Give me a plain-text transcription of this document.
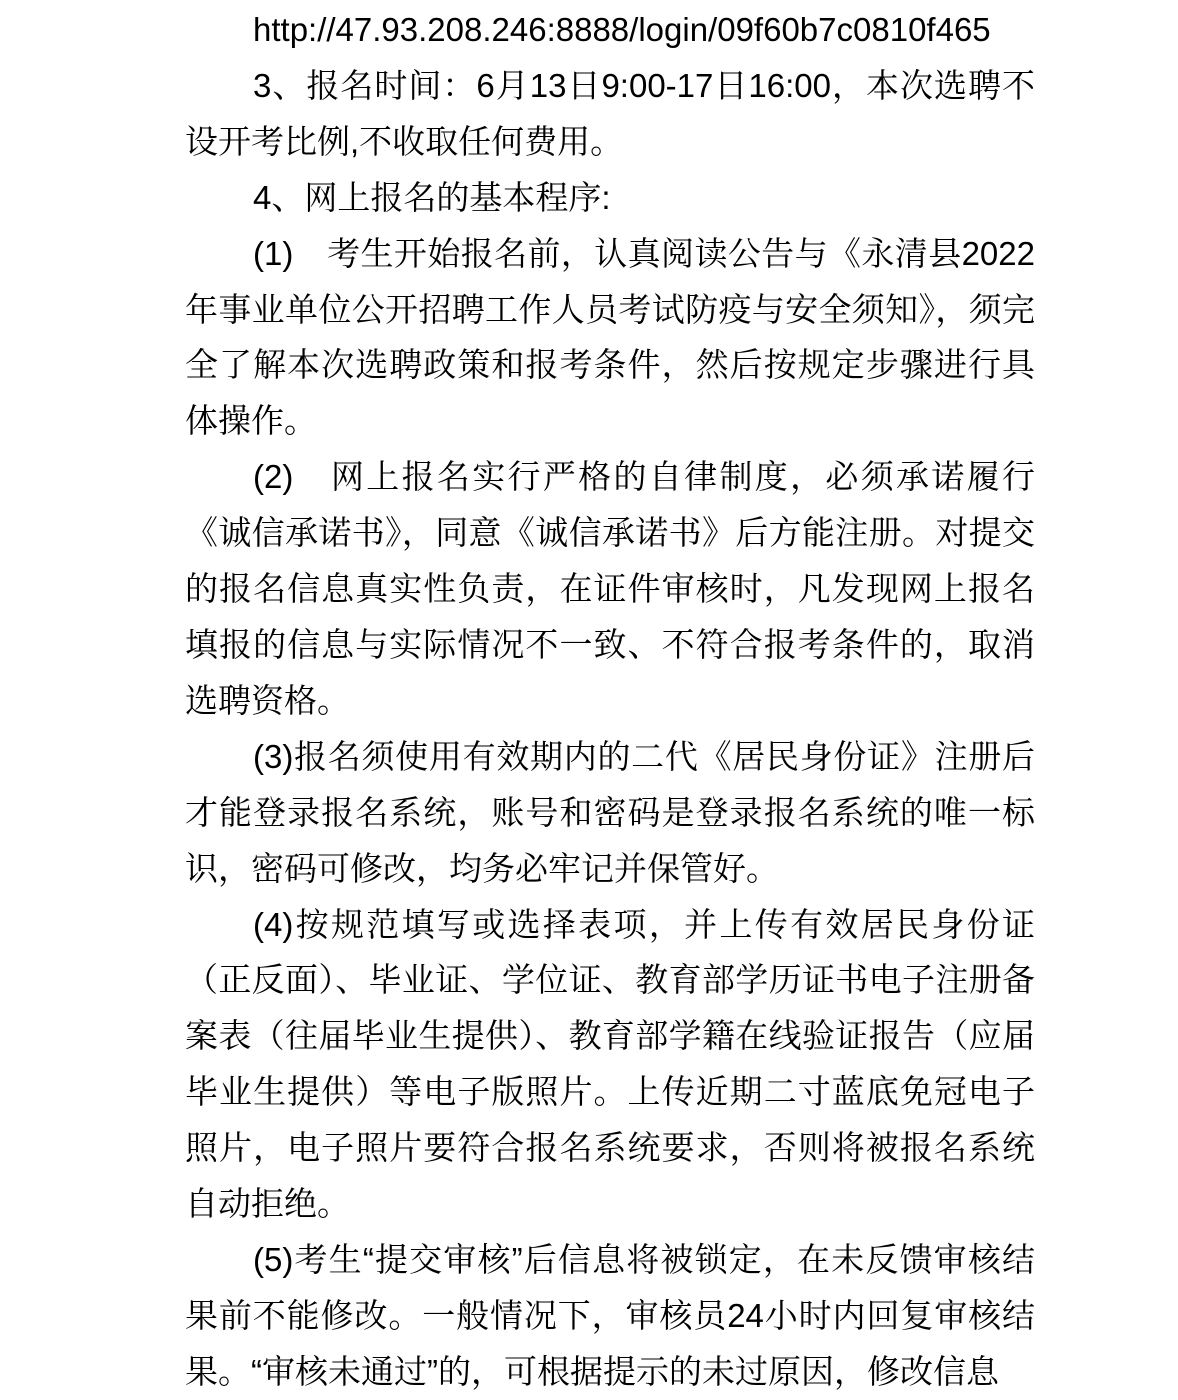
http://47.93.208.246:8888/login/09f60b7c0810f465

3、报名时间：6月13日9:00-17日16:00，本次选聘不设开考比例,不收取任何费用。

4、网上报名的基本程序:

(1)　考生开始报名前，认真阅读公告与《永清县2022年事业单位公开招聘工作人员考试防疫与安全须知》，须完全了解本次选聘政策和报考条件，然后按规定步骤进行具体操作。

(2)　网上报名实行严格的自律制度，必须承诺履行《诚信承诺书》，同意《诚信承诺书》后方能注册。对提交的报名信息真实性负责，在证件审核时，凡发现网上报名填报的信息与实际情况不一致、不符合报考条件的，取消选聘资格。

(3)报名须使用有效期内的二代《居民身份证》注册后才能登录报名系统，账号和密码是登录报名系统的唯一标识，密码可修改，均务必牢记并保管好。

(4)按规范填写或选择表项，并上传有效居民身份证（正反面）、毕业证、学位证、教育部学历证书电子注册备案表（往届毕业生提供）、教育部学籍在线验证报告（应届毕业生提供）等电子版照片。上传近期二寸蓝底免冠电子照片，电子照片要符合报名系统要求，否则将被报名系统自动拒绝。

(5)考生“提交审核”后信息将被锁定，在未反馈审核结果前不能修改。一般情况下，审核员24小时内回复审核结果。“审核未通过”的，可根据提示的未过原因，修改信息
